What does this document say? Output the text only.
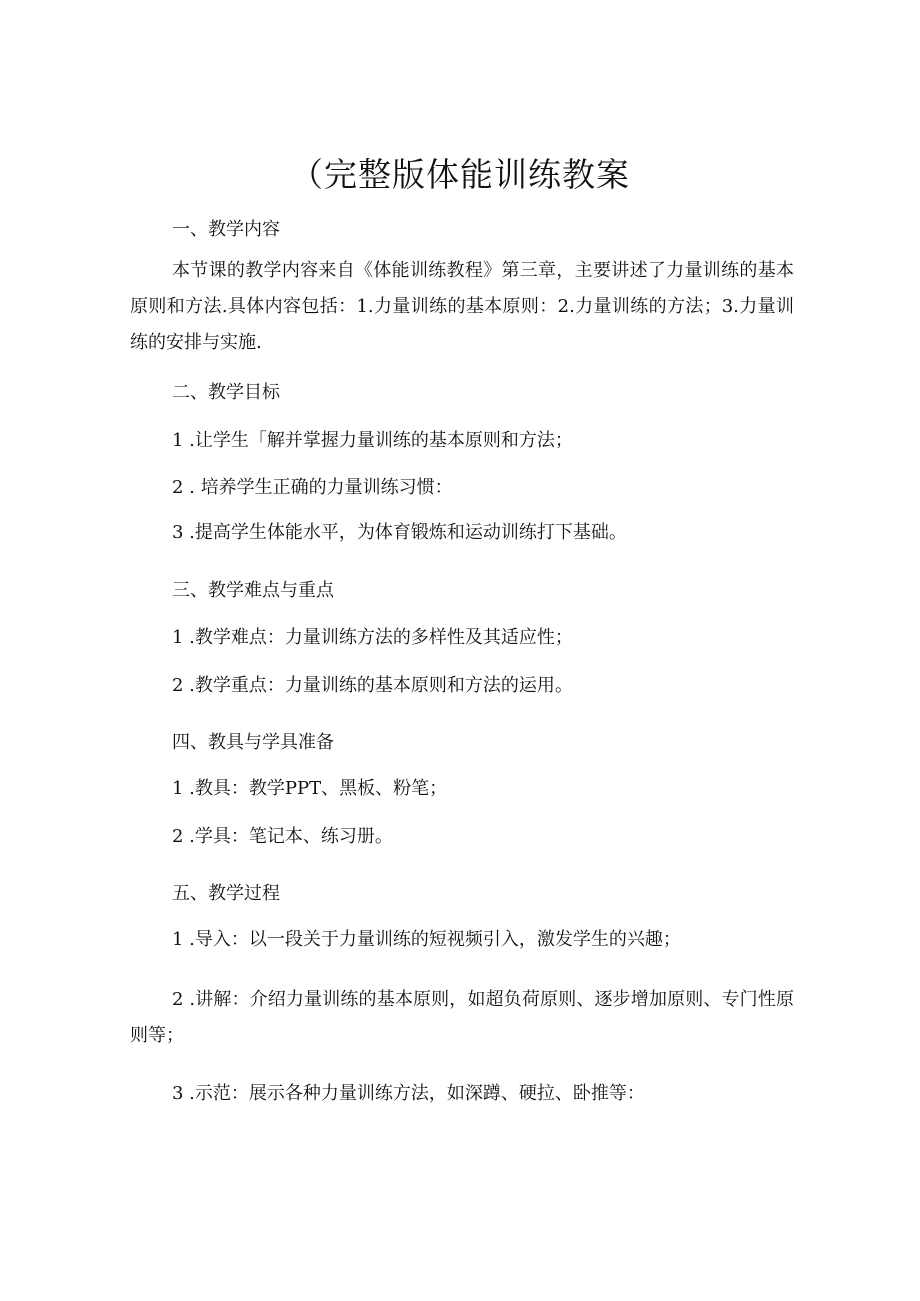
（完整版体能训练教案
一、教学内容
本节课的教学内容来自《体能训练教程》第三章，主要讲述了力量训练的基本原则和方法.具体内容包括：1.力量训练的基本原则：2.力量训练的方法；3.力量训练的安排与实施.
二、教学目标
1 .让学生「解并掌握力量训练的基本原则和方法；
2 . 培养学生正确的力量训练习惯：
3 .提高学生体能水平，为体育锻炼和运动训练打下基础。
三、教学难点与重点
1 .教学难点：力量训练方法的多样性及其适应性；
2 .教学重点：力量训练的基本原则和方法的运用。
四、教具与学具准备
1 .教具：教学PPT、黑板、粉笔；
2 .学具：笔记本、练习册。
五、教学过程
1 .导入：以一段关于力量训练的短视频引入，激发学生的兴趣；
2 .讲解：介绍力量训练的基本原则，如超负荷原则、逐步增加原则、专门性原则等；
3 .示范：展示各种力量训练方法，如深蹲、硬拉、卧推等：
